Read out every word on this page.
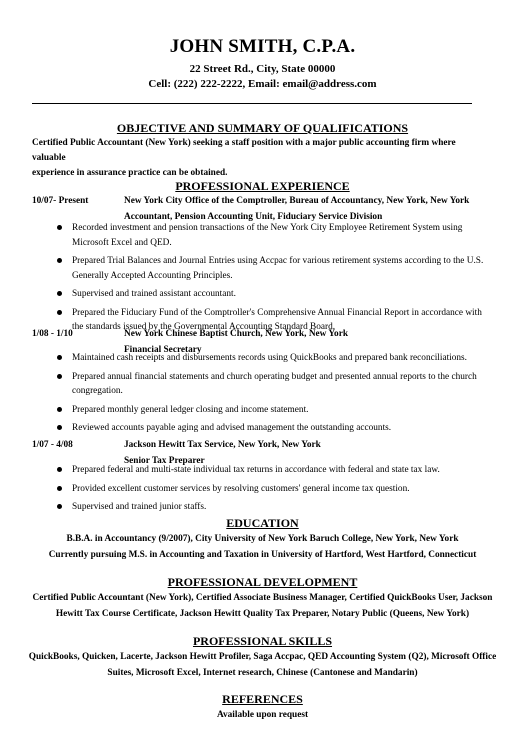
JOHN SMITH, C.P.A.
22 Street Rd., City, State 00000
Cell: (222) 222-2222, Email: email@address.com
OBJECTIVE AND SUMMARY OF QUALIFICATIONS
Certified Public Accountant (New York) seeking a staff position with a major public accounting firm where valuable
experience in assurance practice can be obtained.
PROFESSIONAL EXPERIENCE
10/07- Present	New York City Office of the Comptroller, Bureau of Accountancy, New York, New York
Accountant, Pension Accounting Unit, Fiduciary Service Division
Recorded investment and pension transactions of the New York City Employee Retirement System using Microsoft Excel and QED.
Prepared Trial Balances and Journal Entries using Accpac for various retirement systems according to the U.S. Generally Accepted Accounting Principles.
Supervised and trained assistant accountant.
Prepared the Fiduciary Fund of the Comptroller's Comprehensive Annual Financial Report in accordance with the standards issued by the Governmental Accounting Standard Board.
1/08 - 1/10	New York Chinese Baptist Church, New York, New York
Financial Secretary
Maintained cash receipts and disbursements records using QuickBooks and prepared bank reconciliations.
Prepared annual financial statements and church operating budget and presented annual reports to the church congregation.
Prepared monthly general ledger closing and income statement.
Reviewed accounts payable aging and advised management the outstanding accounts.
1/07 - 4/08	Jackson Hewitt Tax Service, New York, New York
Senior Tax Preparer
Prepared federal and multi-state individual tax returns in accordance with federal and state tax law.
Provided excellent customer services by resolving customers' general income tax question.
Supervised and trained junior staffs.
EDUCATION
B.B.A. in Accountancy (9/2007), City University of New York Baruch College, New York, New York
Currently pursuing M.S. in Accounting and Taxation in University of Hartford, West Hartford, Connecticut
PROFESSIONAL DEVELOPMENT
Certified Public Accountant (New York), Certified Associate Business Manager, Certified QuickBooks User, Jackson
Hewitt Tax Course Certificate, Jackson Hewitt Quality Tax Preparer, Notary Public (Queens, New York)
PROFESSIONAL SKILLS
QuickBooks, Quicken, Lacerte, Jackson Hewitt Profiler, Saga Accpac, QED Accounting System (Q2), Microsoft Office
Suites, Microsoft Excel, Internet research, Chinese (Cantonese and Mandarin)
REFERENCES
Available upon request
